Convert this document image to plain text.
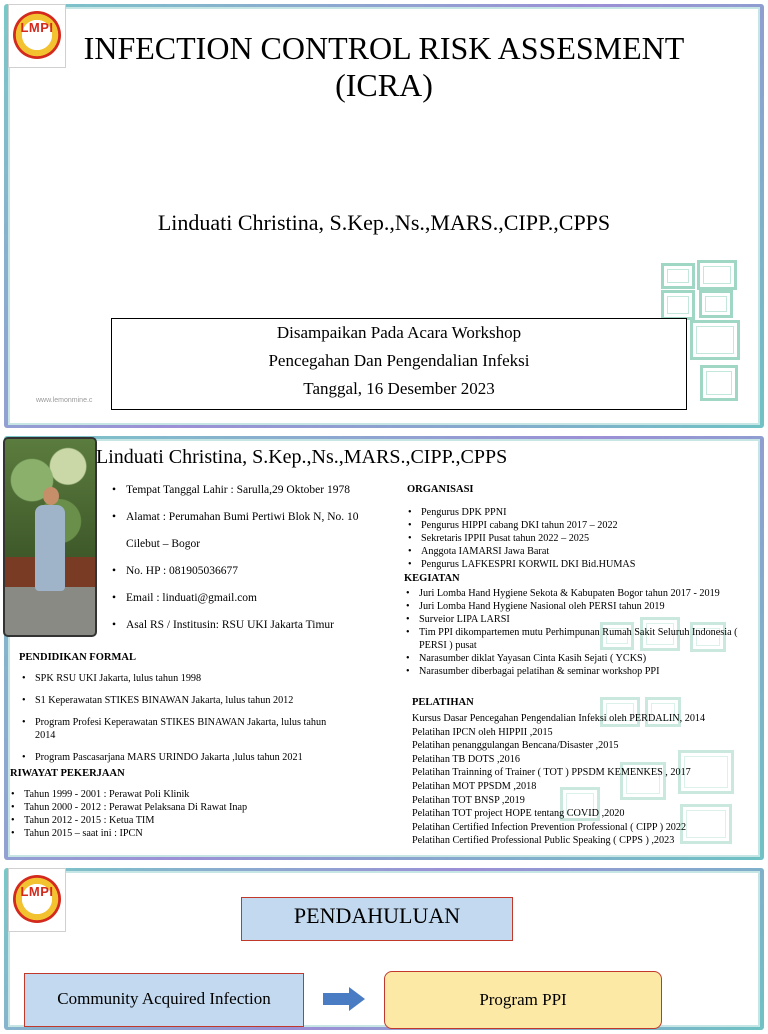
LMPI
INFECTION CONTROL RISK ASSESMENT (ICRA)
Linduati Christina, S.Kep.,Ns.,MARS.,CIPP.,CPPS
www.lemonmine.c
Disampaikan Pada Acara Workshop
Pencegahan Dan Pengendalian Infeksi
Tanggal, 16 Desember 2023
Linduati Christina, S.Kep.,Ns.,MARS.,CIPP.,CPPS
• Tempat Tanggal Lahir : Sarulla,29 Oktober 1978
• Alamat : Perumahan Bumi Pertiwi Blok N, No. 10
Cilebut – Bogor
• No. HP : 081905036677
• Email : linduati@gmail.com
• Asal RS / Institusin: RSU UKI Jakarta Timur
PENDIDIKAN FORMAL
• SPK RSU UKI Jakarta, lulus tahun 1998
• S1 Keperawatan STIKES BINAWAN Jakarta, lulus tahun 2012
• Program Profesi Keperawatan STIKES BINAWAN Jakarta, lulus tahun 2014
• Program Pascasarjana MARS URINDO Jakarta ,lulus tahun 2021
RIWAYAT PEKERJAAN
• Tahun 1999 - 2001 : Perawat Poli Klinik
• Tahun 2000 - 2012 : Perawat Pelaksana Di Rawat Inap
• Tahun 2012 - 2015 : Ketua TIM
• Tahun 2015 – saat ini : IPCN
ORGANISASI
• Pengurus DPK PPNI
• Pengurus HIPPI cabang DKI tahun 2017 – 2022
• Sekretaris IPPII Pusat tahun 2022 – 2025
• Anggota IAMARSI Jawa Barat
• Pengurus LAFKESPRI KORWIL DKI Bid.HUMAS
KEGIATAN
• Juri Lomba Hand Hygiene Sekota & Kabupaten Bogor tahun 2017 - 2019
• Juri Lomba Hand Hygiene Nasional oleh PERSI tahun 2019
• Surveior LIPA LARSI
• Tim PPI dikompartemen mutu Perhimpunan Rumah Sakit Seluruh Indonesia ( PERSI ) pusat
• Narasumber diklat Yayasan Cinta Kasih Sejati ( YCKS)
• Narasumber diberbagai pelatihan & seminar workshop PPI
PELATIHAN
Kursus Dasar Pencegahan Pengendalian Infeksi oleh PERDALIN, 2014
Pelatihan IPCN oleh HIPPII ,2015
Pelatihan penanggulangan Bencana/Disaster ,2015
Pelatihan TB DOTS ,2016
Pelatihan Trainning of Trainer ( TOT ) PPSDM KEMENKES , 2017
Pelatihan MOT PPSDM ,2018
Pelatihan TOT BNSP ,2019
Pelatihan TOT project HOPE tentang COVID ,2020
Pelatihan Certified Infection Prevention Professional ( CIPP ) 2022
Pelatihan Certified Professional Public Speaking ( CPPS ) ,2023
LMPI
PENDAHULUAN
Community Acquired Infection	Program PPI
